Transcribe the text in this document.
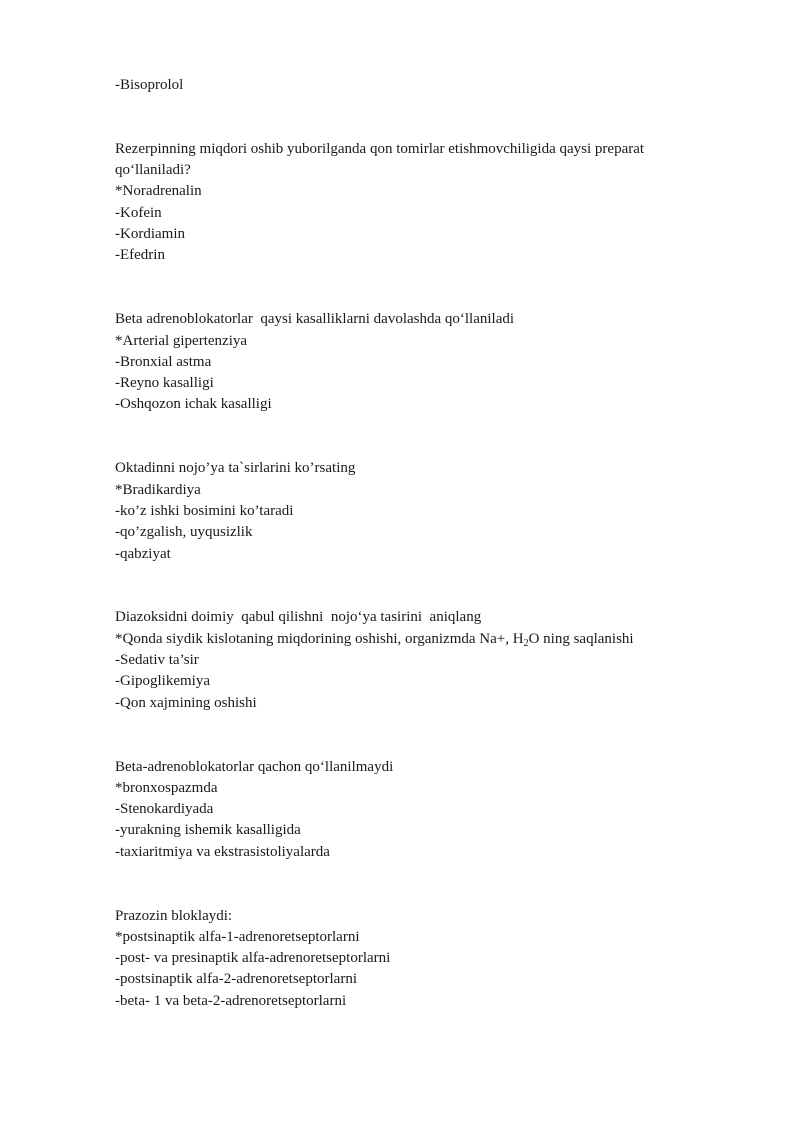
-Bisoprolol
Rezerpinning miqdori oshib yuborilganda qon tomirlar etishmovchiligida qaysi preparat qo‘llaniladi?
*Noradrenalin
-Kofein
-Kordiamin
-Efedrin
Beta adrenoblokatorlar  qaysi kasalliklarni davolashda qo‘llaniladi
*Arterial gipertenziya
-Bronxial astma
-Reyno kasalligi
-Oshqozon ichak kasalligi
Oktadinni nojo’ya ta`sirlarini ko’rsating
*Bradikardiya
-ko’z ishki bosimini ko’taradi
-qo’zgalish, uyqusizlik
-qabziyat
Diazoksidni doimiy  qabul qilishni  nojo‘ya tasirini  aniqlang
*Qonda siydik kislotaning miqdorining oshishi, organizmda Na+, $H_2O$ ning saqlanishi
-Sedativ ta’sir
-Gipoglikemiya
-Qon xajmining oshishi
Beta-adrenoblokatorlar qachon qo‘llanilmaydi
*bronxospazmda
-Stenokardiyada
-yurakning ishemik kasalligida
-taxiaritmiya va ekstrasistoliyalarda
Prazozin bloklaydi:
*postsinaptik alfa-1-adrenoretseptorlarni
-post- va presinaptik alfa-adrenoretseptorlarni
-postsinaptik alfa-2-adrenoretseptorlarni
-beta- 1 va beta-2-adrenoretseptorlarni
